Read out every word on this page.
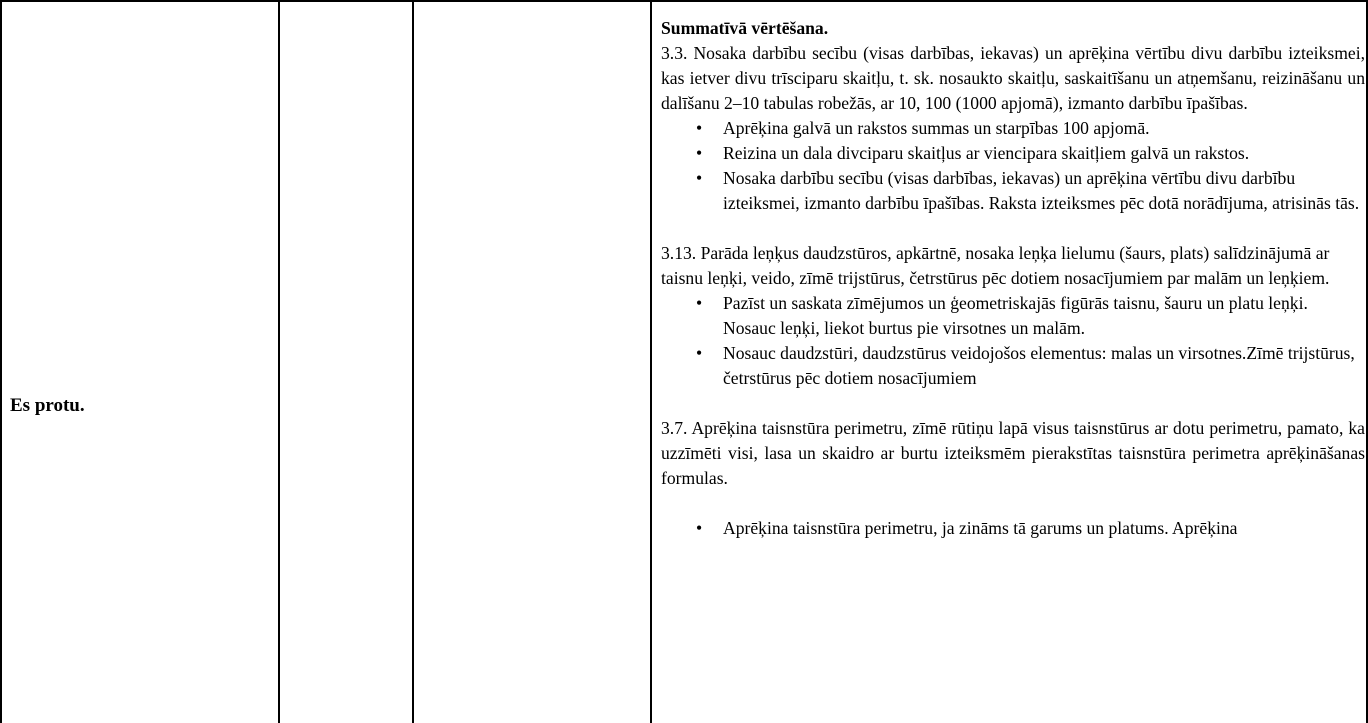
Es protu.

Summatīvā vērtēšana.

3.3. Nosaka darbību secību (visas darbības, iekavas) un aprēķina vērtību divu darbību izteiksmei, kas ietver divu trīsciparu skaitļu, t. sk. nosaukto skaitļu, saskaitīšanu un atņemšanu, reizināšanu un dalīšanu 2–10 tabulas robežās, ar 10, 100 (1000 apjomā), izmanto darbību īpašības.

• Aprēķina galvā un rakstos summas un starpības 100 apjomā.
• Reizina un dala divciparu skaitļus ar viencipara skaitļiem galvā un rakstos.
• Nosaka darbību secību (visas darbības, iekavas) un aprēķina vērtību divu darbību izteiksmei, izmanto darbību īpašības. Raksta izteiksmes pēc dotā norādījuma, atrisinās tās.

3.13. Parāda leņķus daudzstūros, apkārtnē, nosaka leņķa lielumu (šaurs, plats) salīdzinājumā ar taisnu leņķi, veido, zīmē trijstūrus, četrstūrus pēc dotiem nosacījumiem par malām un leņķiem.

• Pazīst un saskata zīmējumos un ģeometriskajās figūrās taisnu, šauru un platu leņķi. Nosauc leņķi, liekot burtus pie virsotnes un malām.
• Nosauc daudzstūri, daudzstūrus veidojošos elementus: malas un virsotnes.Zīmē trijstūrus, četrstūrus pēc dotiem nosacījumiem

3.7. Aprēķina taisnstūra perimetru, zīmē rūtiņu lapā visus taisnstūrus ar dotu perimetru, pamato, ka uzzīmēti visi, lasa un skaidro ar burtu izteiksmēm pierakstītas taisnstūra perimetra aprēķināšanas formulas.

• Aprēķina taisnstūra perimetru, ja zināms tā garums un platums. Aprēķina
